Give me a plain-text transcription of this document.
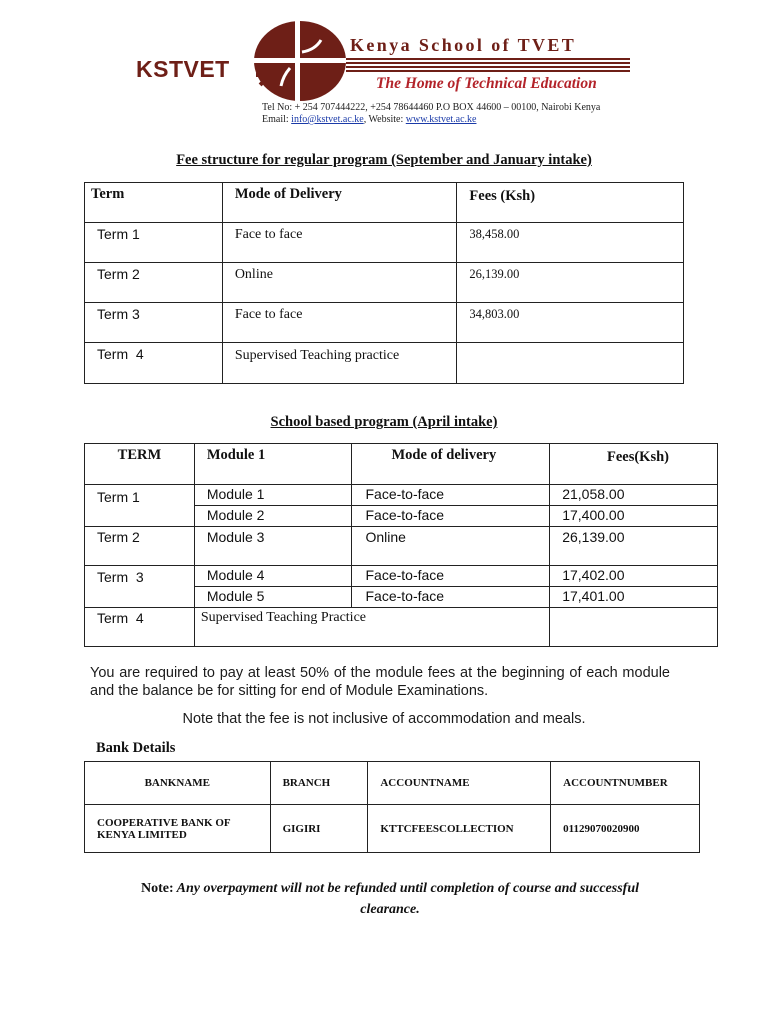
KSTVET
Kenya School of TVET
The Home of Technical Education
Tel No: + 254 707444222, +254 78644460 P.O BOX 44600 – 00100, Nairobi Kenya
Email: info@kstvet.ac.ke, Website: www.kstvet.ac.ke
Fee structure for regular program (September and January intake)
Term	Mode of Delivery	Fees (Ksh)
Term 1	Face to face	38,458.00
Term 2	Online	26,139.00
Term 3	Face to face	34,803.00
Term  4	Supervised Teaching practice	
School based program (April intake)
TERM	Module 1	Mode of delivery	Fees(Ksh)
Term 1	Module 1	Face-to-face	21,058.00
	Module 2	Face-to-face	17,400.00
Term 2	Module 3	Online	26,139.00
Term  3	Module 4	Face-to-face	17,402.00
	Module 5	Face-to-face	17,401.00
Term  4	Supervised Teaching Practice		
You are required to pay at least 50% of the module fees at the beginning of each module and the balance be for sitting for end of Module Examinations.
Note that the fee is not inclusive of accommodation and meals.
Bank Details
BANKNAME	BRANCH	ACCOUNTNAME	ACCOUNTNUMBER
COOPERATIVE BANK OF KENYA LIMITED	GIGIRI	KTTCFEESCOLLECTION	01129070020900
Note: Any overpayment will not be refunded until completion of course and successful clearance.
